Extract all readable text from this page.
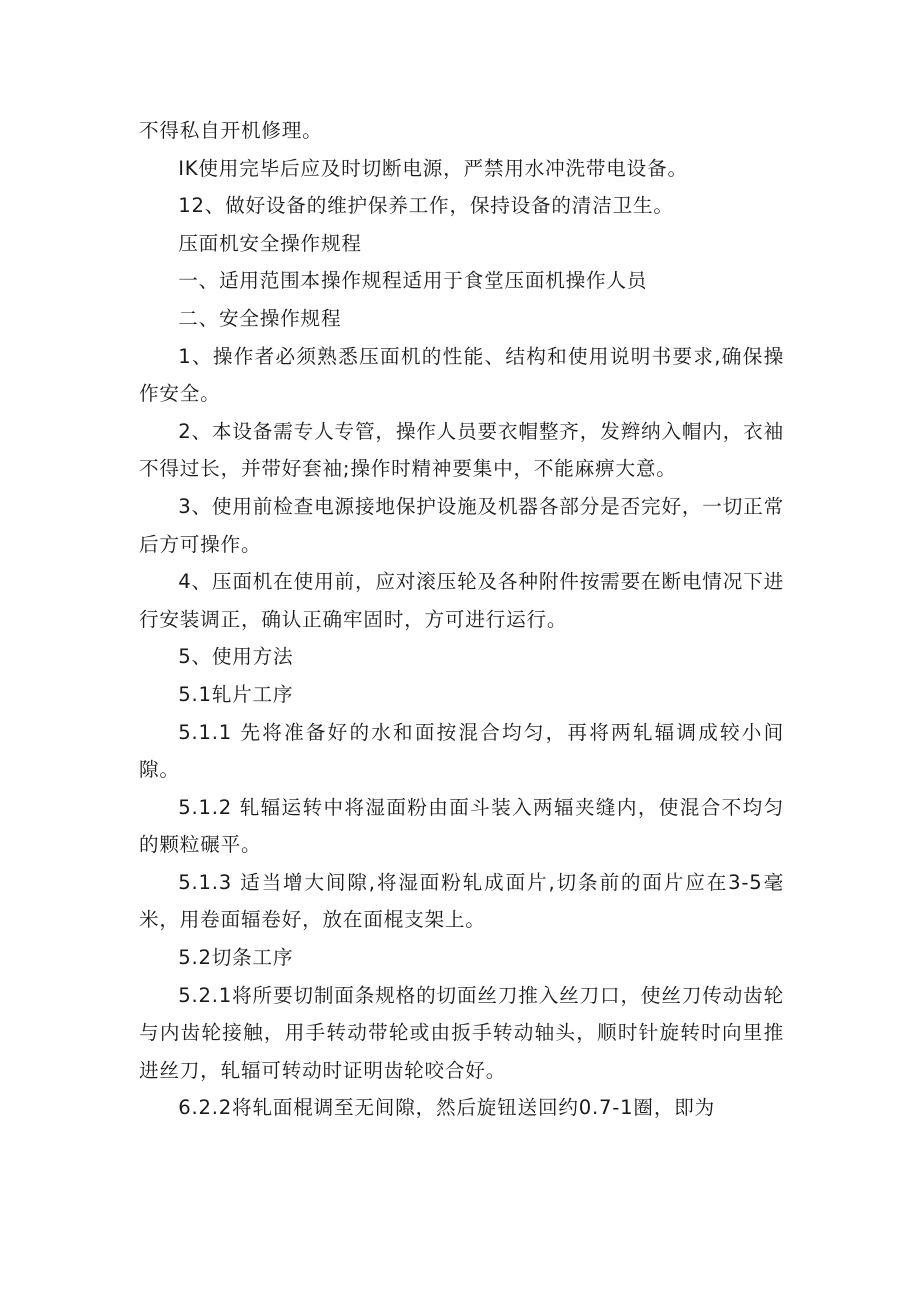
不得私自开机修理。

IK使用完毕后应及时切断电源，严禁用水冲洗带电设备。

12、做好设备的维护保养工作，保持设备的清洁卫生。

压面机安全操作规程

一、适用范围本操作规程适用于食堂压面机操作人员

二、安全操作规程

1、操作者必须熟悉压面机的性能、结构和使用说明书要求,确保操作安全。

2、本设备需专人专管，操作人员要衣帽整齐，发辫纳入帽内，衣袖不得过长，并带好套袖;操作时精神要集中，不能麻痹大意。

3、使用前检查电源接地保护设施及机器各部分是否完好，一切正常后方可操作。

4、压面机在使用前，应对滚压轮及各种附件按需要在断电情况下进行安装调正，确认正确牢固时，方可进行运行。

5、使用方法

5.1轧片工序

5.1.1 先将准备好的水和面按混合均匀，再将两轧辐调成较小间隙。

5.1.2 轧辐运转中将湿面粉由面斗装入两辐夹缝内，使混合不均匀的颗粒碾平。

5.1.3 适当增大间隙,将湿面粉轧成面片,切条前的面片应在3-5毫米，用卷面辐卷好，放在面棍支架上。

5.2切条工序

5.2.1将所要切制面条规格的切面丝刀推入丝刀口，使丝刀传动齿轮与内齿轮接触，用手转动带轮或由扳手转动轴头，顺时针旋转时向里推进丝刀，轧辐可转动时证明齿轮咬合好。

6.2.2将轧面棍调至无间隙，然后旋钮送回约0.7-1圈，即为
